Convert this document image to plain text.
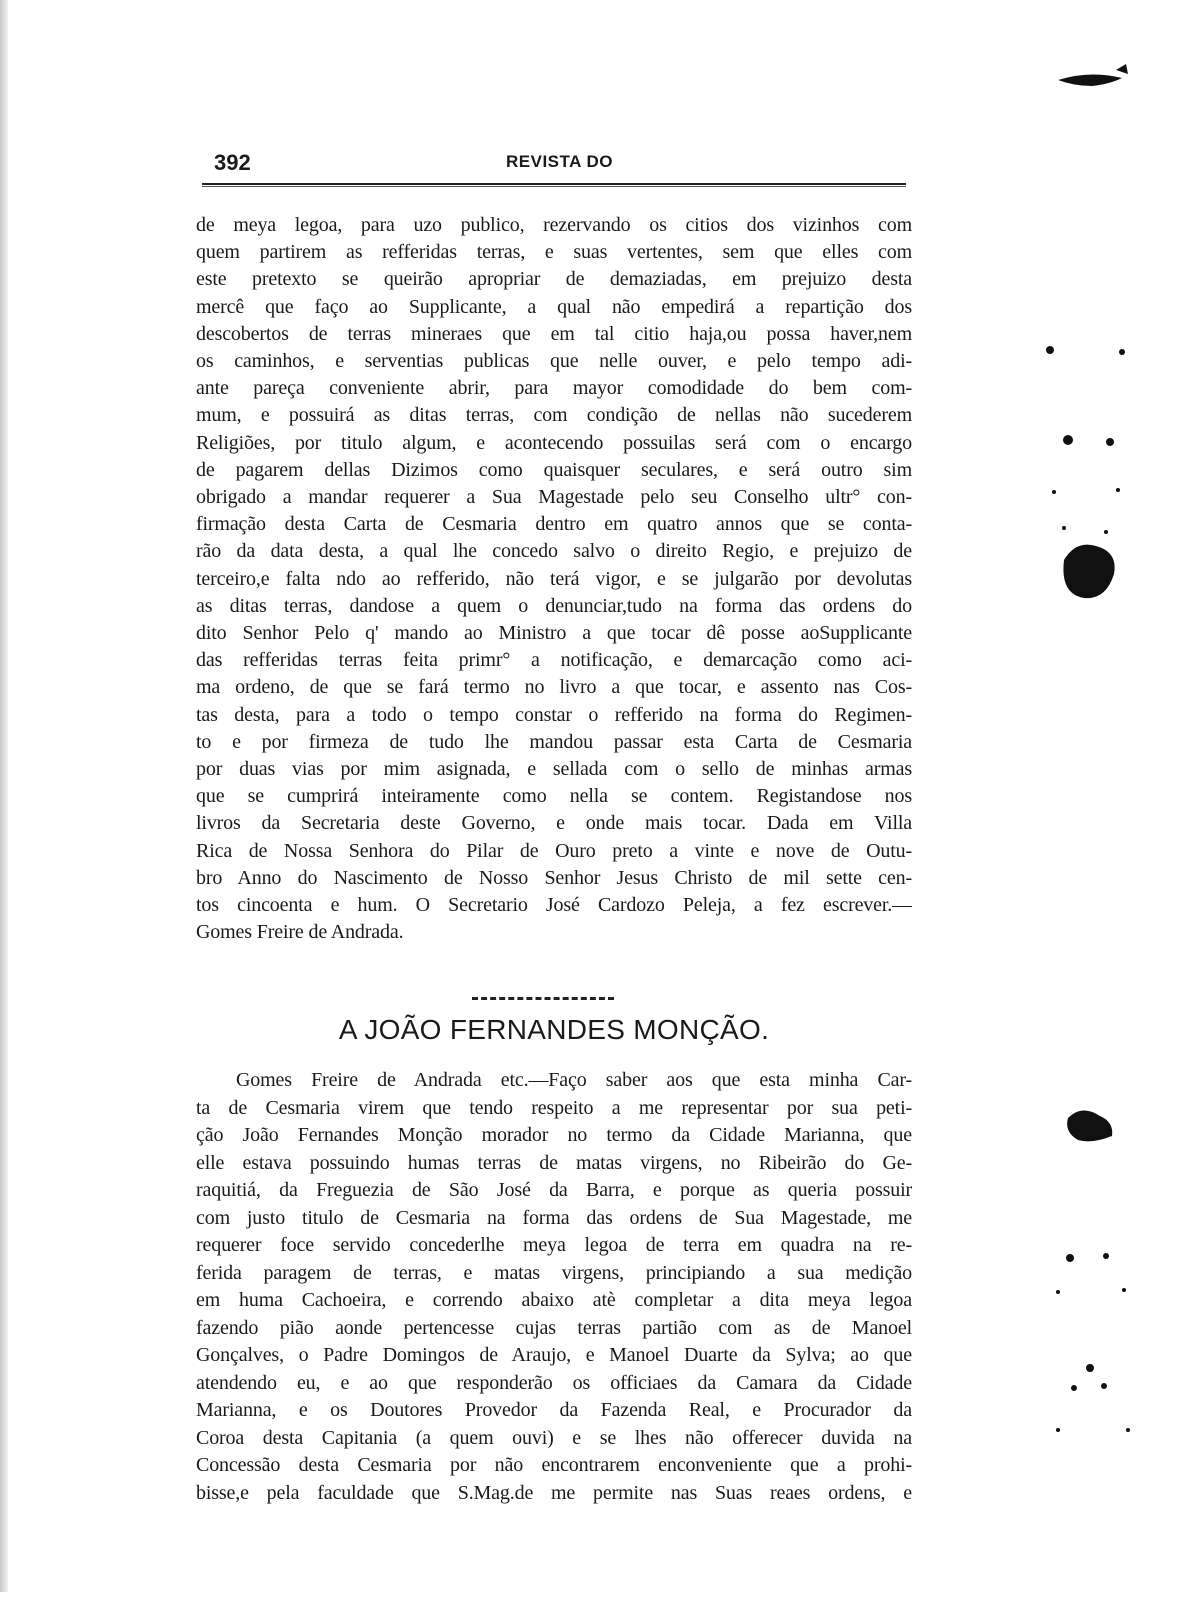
392	REVISTA DO
de meya legoa, para uzo publico, rezervando os citios dos vizinhos com
quem partirem as refferidas terras, e suas vertentes, sem que elles com
este pretexto se queirão apropriar de demaziadas, em prejuizo desta
mercê que faço ao Supplicante, a qual não empedirá a repartição dos
descobertos de terras mineraes que em tal citio haja,ou possa haver,nem
os caminhos, e serventias publicas que nelle ouver, e pelo tempo adi-
ante pareça conveniente abrir, para mayor comodidade do bem com-
mum, e possuirá as ditas terras, com condição de nellas não sucederem
Religiões, por titulo algum, e acontecendo possuilas será com o encargo
de pagarem dellas Dizimos como quaisquer seculares, e será outro sim
obrigado a mandar requerer a Sua Magestade pelo seu Conselho ultr° con-
firmação desta Carta de Cesmaria dentro em quatro annos que se conta-
rão da data desta, a qual lhe concedo salvo o direito Regio, e prejuizo de
terceiro,e falta ndo ao refferido, não terá vigor, e se julgarão por devolutas
as ditas terras, dandose a quem o denunciar,tudo na forma das ordens do
dito Senhor Pelo q' mando ao Ministro a que tocar dê posse aoSupplicante
das refferidas terras feita primr° a notificação, e demarcação como aci-
ma ordeno, de que se fará termo no livro a que tocar, e assento nas Cos-
tas desta, para a todo o tempo constar o refferido na forma do Regimen-
to e por firmeza de tudo lhe mandou passar esta Carta de Cesmaria
por duas vias por mim asignada, e sellada com o sello de minhas armas
que se cumprirá inteiramente como nella se contem. Registandose nos
livros da Secretaria deste Governo, e onde mais tocar. Dada em Villa
Rica de Nossa Senhora do Pilar de Ouro preto a vinte e nove de Outu-
bro Anno do Nascimento de Nosso Senhor Jesus Christo de mil sette cen-
tos cincoenta e hum. O Secretario José Cardozo Peleja, a fez escrever.—
Gomes Freire de Andrada.
A JOÃO FERNANDES MONÇÃO.
Gomes Freire de Andrada etc.—Faço saber aos que esta minha Car-
ta de Cesmaria virem que tendo respeito a me representar por sua peti-
ção João Fernandes Monção morador no termo da Cidade Marianna, que
elle estava possuindo humas terras de matas virgens, no Ribeirão do Ge-
raquitiá, da Freguezia de São José da Barra, e porque as queria possuir
com justo titulo de Cesmaria na forma das ordens de Sua Magestade, me
requerer foce servido concederlhe meya legoa de terra em quadra na re-
ferida paragem de terras, e matas virgens, principiando a sua medição
em huma Cachoeira, e correndo abaixo atè completar a dita meya legoa
fazendo pião aonde pertencesse cujas terras partião com as de Manoel
Gonçalves, o Padre Domingos de Araujo, e Manoel Duarte da Sylva; ao que
atendendo eu, e ao que responderão os officiaes da Camara da Cidade
Marianna, e os Doutores Provedor da Fazenda Real, e Procurador da
Coroa desta Capitania (a quem ouvi) e se lhes não offerecer duvida na
Concessão desta Cesmaria por não encontrarem enconveniente que a prohi-
bisse,e pela faculdade que S.Mag.de me permite nas Suas reaes ordens, e
